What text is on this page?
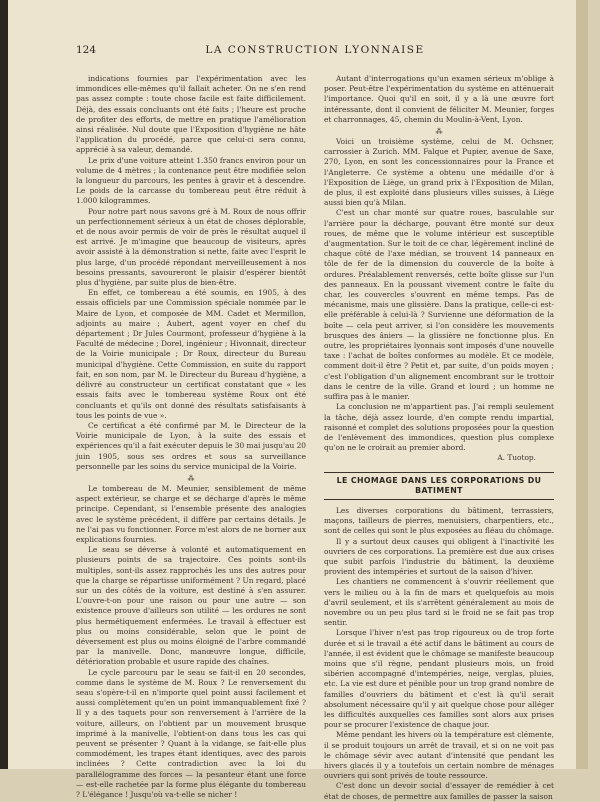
124	LA CONSTRUCTION LYONNAISE

indications fournies par l'expérimentation avec les immondices elle-mêmes qu'il fallait acheter. On ne s'en rend pas assez compte : toute chose facile est faite difficilement. Déjà, des essais concluants ont été faits ; l'heure est proche de profiter des efforts, de mettre en pratique l'amélioration ainsi réalisée. Nul doute que l'Exposition d'hygiène ne hâte l'application du procédé, parce que celui-ci sera connu, apprécié à sa valeur, demandé.

Le prix d'une voiture atteint 1.350 francs environ pour un volume de 4 mètres ; la contenance peut être modifiée selon la longueur du parcours, les pentes à gravir et à descendre. Le poids de la carcasse du tombereau peut être réduit à 1.000 kilogrammes.

Pour notre part nous savons gré à M. Roux de nous offrir un perfectionnement sérieux à un état de choses déplorable, et de nous avoir permis de voir de près le résultat auquel il est arrivé. Je m'imagine que beaucoup de visiteurs, après avoir assisté à la démonstration si nette, faite avec l'esprit le plus large, d'un procédé répondant merveilleusement à nos besoins pressants, savoureront le plaisir d'espérer bientôt plus d'hygiène, par suite plus de bien-être.

En effet, ce tombereau a été soumis, en 1905, à des essais officiels par une Commission spéciale nommée par le Maire de Lyon, et composée de MM. Cadet et Mermillon, adjoints au maire ; Aubert, agent voyer en chef du département ; Dr Jules Courmont, professeur d'hygiène à la Faculté de médecine ; Dorel, ingénieur ; Hivonnait, directeur de la Voirie municipale ; Dr Roux, directeur du Bureau municipal d'hygiène. Cette Commission, en suite du rapport fait, en son nom, par M. le Directeur du Bureau d'hygiène, a délivré au constructeur un certificat constatant que « les essais faits avec le tombereau système Roux ont été concluants et qu'ils ont donné des résultats satisfaisants à tous les points de vue ».

Ce certificat a été confirmé par M. le Directeur de la Voirie municipale de Lyon, à la suite des essais et expériences qu'il a fait exécuter depuis le 30 mai jusqu'au 20 juin 1905, sous ses ordres et sous sa surveillance personnelle par les soins du service municipal de la Voirie.

⁂

Le tombereau de M. Meunier, sensiblement de même aspect extérieur, se charge et se décharge d'après le même principe. Cependant, si l'ensemble présente des analogies avec le système précédent, il diffère par certains détails. Je ne l'ai pas vu fonctionner. Force m'est alors de ne borner aux explications fournies.

Le seau se déverse à volonté et automatiquement en plusieurs points de sa trajectoire. Ces points sont-ils multiples, sont-ils assez rapprochés les uns des autres pour que la charge se répartisse uniformément ? Un regard, placé sur un des côtés de la voiture, est destiné à s'en assurer. L'ouvre-t-on pour une raison ou pour une autre — son existence prouve d'ailleurs son utilité — les ordures ne sont plus hermétiquement enfermées. Le travail à effectuer est plus ou moins considérable, selon que le point de déversement est plus ou moins éloigné de l'arbre commandé par la manivelle. Donc, manœuvre longue, difficile, détérioration probable et usure rapide des chaînes.

Le cycle parcouru par le seau se fait-il en 20 secondes, comme dans le système de M. Roux ? Le renversement du seau s'opère-t-il en n'importe quel point aussi facilement et aussi complètement qu'en un point immanquablement fixé ? Il y a des taquets pour son renversement à l'arrière de la voiture, ailleurs, on l'obtient par un mouvement brusque imprimé à la manivelle, l'obtient-on dans tous les cas qui peuvent se présenter ? Quant à la vidange, se fait-elle plus commodément, les trapes étant identiques, avec des parois inclinées ? Cette contradiction avec la loi du parallélogramme des forces — la pesanteur étant une force — est-elle rachetée par la forme plus élégante du tombereau ? L'élégance ! Jusqu'où va-t-elle se nicher !

Autant d'interrogations qu'un examen sérieux m'oblige à poser. Peut-être l'expérimentation du système en atténuerait l'importance. Quoi qu'il en soit, il y a là une œuvre fort intéressante, dont il convient de féliciter M. Meunier, forges et charronnages, 45, chemin du Moulin-à-Vent, Lyon.

⁂

Voici un troisième système, celui de M. Ochsner, carrossier à Zurich. MM. Falque et Pupier, avenue de Saxe, 270, Lyon, en sont les concessionnaires pour la France et l'Angleterre. Ce système a obtenu une médaille d'or à l'Exposition de Liège, un grand prix à l'Exposition de Milan, de plus, il est exploité dans plusieurs villes suisses, à Liège aussi bien qu'à Milan.

C'est un char monté sur quatre roues, basculable sur l'arrière pour la décharge, pouvant être monté sur deux roues, de même que le volume intérieur est susceptible d'augmentation. Sur le toit de ce char, légèrement incliné de chaque côté de l'axe médian, se trouvent 14 panneaux en tôle de fer de la dimension du couvercle de la boîte à ordures. Préalablement renversés, cette boîte glisse sur l'un des panneaux. En la poussant vivement contre le faîte du char, les couvercles s'ouvrent en même temps. Pas de mécanisme, mais une glissière. Dans la pratique, celle-ci est-elle préférable à celui-là ? Survienne une déformation de la boîte — cela peut arriver, si l'on considère les mouvements brusques des âniers — la glissière ne fonctionne plus. En outre, les propriétaires lyonnais sont imposés d'une nouvelle taxe : l'achat de boîtes conformes au modèle. Et ce modèle, comment doit-il être ? Petit et, par suite, d'un poids moyen ; c'est l'obligation d'un alignement encombrant sur le trottoir dans le centre de la ville. Grand et lourd ; un homme ne suffira pas à le manier.

La conclusion ne m'appartient pas. J'ai rempli seulement la tâche, déjà assez lourde, d'en compte rendu impartial, raisonné et complet des solutions proposées pour la question de l'enlèvement des immondices, question plus complexe qu'on ne le croirait au premier abord.

A. Tuotop.

LE CHOMAGE DANS LES CORPORATIONS DU BATIMENT

Les diverses corporations du bâtiment, terrassiers, maçons, tailleurs de pierres, menuisiers, charpentiers, etc., sont de celles qui sont le plus exposées au fléau du chômage.

Il y a surtout deux causes qui obligent à l'inactivité les ouvriers de ces corporations. La première est due aux crises que subit parfois l'industrie du bâtiment, la deuxième provient des intempéries et surtout de la saison d'hiver.

Les chantiers ne commencent à s'ouvrir réellement que vers le milieu ou à la fin de mars et quelquefois au mois d'avril seulement, et ils s'arrêtent généralement au mois de novembre ou un peu plus tard si le froid ne se fait pas trop sentir.

Lorsque l'hiver n'est pas trop rigoureux ou de trop forte durée et si le travail a été actif dans le bâtiment au cours de l'année, il est évident que le chômage se manifeste beaucoup moins que s'il règne, pendant plusieurs mois, un froid sibérien accompagné d'intempéries, neige, verglas, pluies, etc. La vie est dure et pénible pour un trop grand nombre de familles d'ouvriers du bâtiment et c'est là qu'il serait absolument nécessaire qu'il y ait quelque chose pour alléger les difficultés auxquelles ces familles sont alors aux prises pour se procurer l'existence de chaque jour.

Même pendant les hivers où la température est clémente, il se produit toujours un arrêt de travail, et si on ne voit pas le chômage sévir avec autant d'intensité que pendant les hivers glacés il y a toutefois un certain nombre de ménages ouvriers qui sont privés de toute ressource.

C'est donc un devoir social d'essayer de remédier à cet état de choses, de permettre aux familles de passer la saison
